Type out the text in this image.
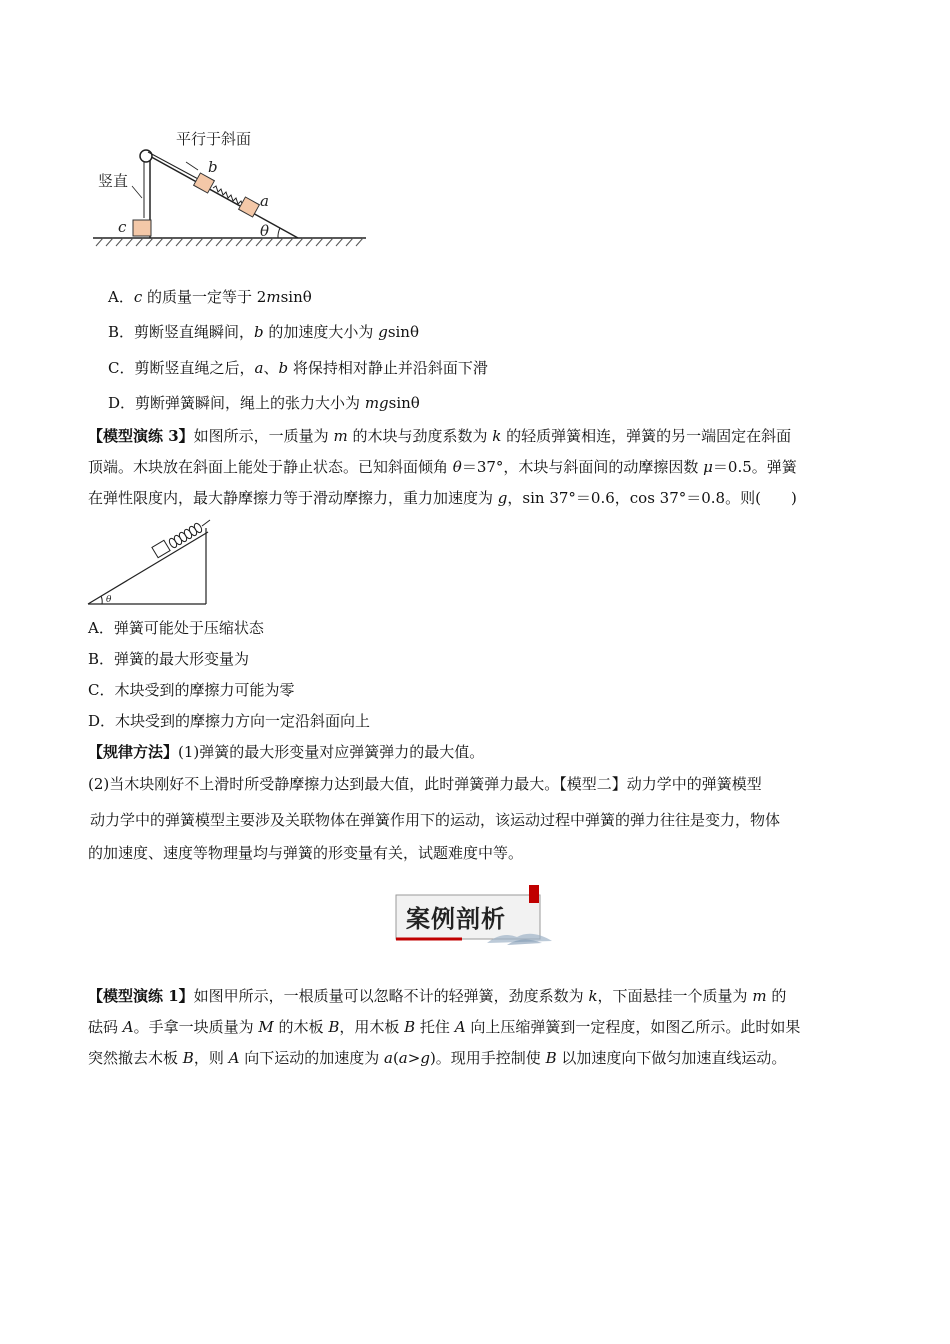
平行于斜面
竖直
b
a
c	θ
A．c 的质量一定等于 2msinθ
B．剪断竖直绳瞬间，b 的加速度大小为 gsinθ
C．剪断竖直绳之后，a、b 将保持相对静止并沿斜面下滑
D．剪断弹簧瞬间，绳上的张力大小为 mgsinθ
【模型演练 3】如图所示，一质量为 m 的木块与劲度系数为 k 的轻质弹簧相连，弹簧的另一端固定在斜面
顶端。木块放在斜面上能处于静止状态。已知斜面倾角 θ＝37°，木块与斜面间的动摩擦因数 μ＝0.5。弹簧
在弹性限度内，最大静摩擦力等于滑动摩擦力，重力加速度为 g，sin 37°＝0.6，cos 37°＝0.8。则(　　)
θ
A．弹簧可能处于压缩状态
B．弹簧的最大形变量为
C．木块受到的摩擦力可能为零
D．木块受到的摩擦力方向一定沿斜面向上
【规律方法】(1)弹簧的最大形变量对应弹簧弹力的最大值。
(2)当木块刚好不上滑时所受静摩擦力达到最大值，此时弹簧弹力最大。【模型二】动力学中的弹簧模型
动力学中的弹簧模型主要涉及关联物体在弹簧作用下的运动，该运动过程中弹簧的弹力往往是变力，物体
的加速度、速度等物理量均与弹簧的形变量有关，试题难度中等。
案例剖析
【模型演练 1】如图甲所示，一根质量可以忽略不计的轻弹簧，劲度系数为 k，下面悬挂一个质量为 m 的
砝码 A。手拿一块质量为 M 的木板 B，用木板 B 托住 A 向上压缩弹簧到一定程度，如图乙所示。此时如果
突然撤去木板 B，则 A 向下运动的加速度为 a(a>g)。现用手控制使 B 以加速度向下做匀加速直线运动。
